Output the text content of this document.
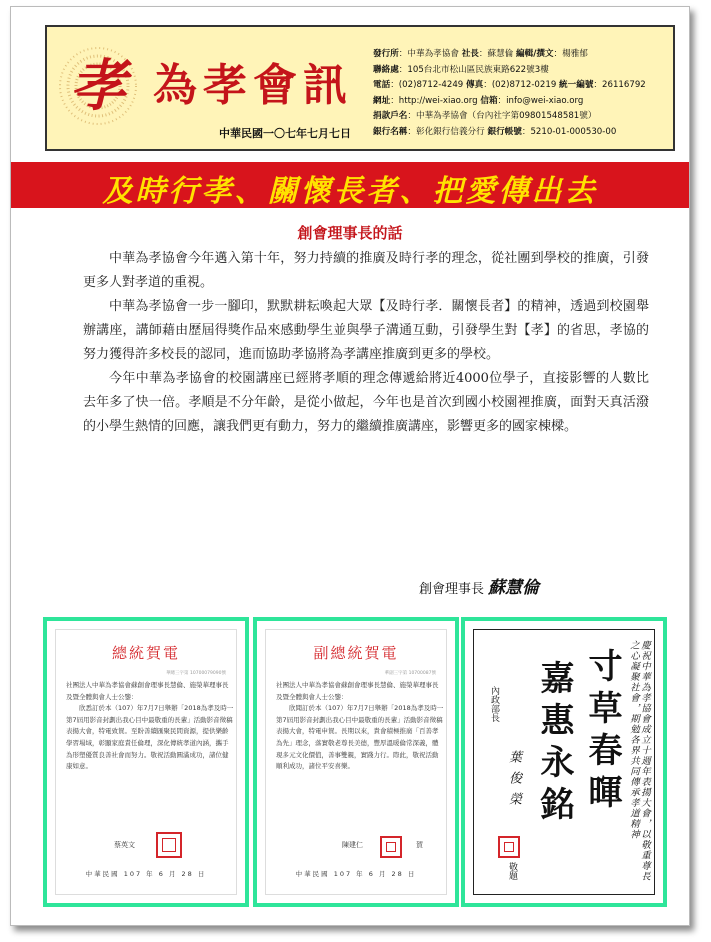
孝 為孝會訊
中華民國一〇七年七月七日
發行所：中華為孝協會 社長：蘇慧倫 編輯/撰文：楊雅郁
聯絡處：105台北市松山區民族東路622號3樓
電話：(02)8712-4249 傳真：(02)8712-0219 統一編號：26116792
網址：http://wei-xiao.org 信箱：info@wei-xiao.org
捐款戶名：中華為孝協會（台內社字第09801548581號）
銀行名稱：彰化銀行信義分行 銀行帳號：5210-01-000530-00
及時行孝、關懷長者、把愛傳出去
創會理事長的話

中華為孝協會今年邁入第十年，努力持續的推廣及時行孝的理念，從社團到學校的推廣，引發更多人對孝道的重視。

中華為孝協會一步一腳印，默默耕耘喚起大眾【及時行孝．關懷長者】的精神，透過到校園舉辦講座，講師藉由歷屆得獎作品來感動學生並與學子溝通互動，引發學生對【孝】的省思，孝協的努力獲得許多校長的認同，進而協助孝協將為孝講座推廣到更多的學校。

今年中華為孝協會的校園講座已經將孝順的理念傳遞給將近4000位學子，直接影響的人數比去年多了快一倍。孝順是不分年齡，是從小做起，今年也是首次到國小校園裡推廣，面對天真活潑的小學生熱情的回應，讓我們更有動力，努力的繼續推廣講座，影響更多的國家棟樑。

創會理事長 蘇慧倫
總統賀電
華總三字第 10700079090號

社團法人中華為孝協會蘇創會理事長慧倫、施榮華理事長及暨全體與會人士公鑒：

欣悉訂於本（107）年7月7日舉辦「2018為孝及時一第7屆用影音封劃出我心目中最敬重的長輩」活動影音徵稿表揚大會，特電致賀。至盼善續匯聚民間資源，提供樂齡學習場域，彰顯家庭責任倫理，深化傳統孝道內涵，攜手為形塑優質良善社會而努力。敬祝活動圓滿成功，諸位健康如意。

蔡英文
中華民國 107 年 6 月 28 日
副總統賀電
華副三字第 10700087號

社團法人中華為孝協會蘇創會理事長慧倫、施榮華理事長及暨全體與會人士公鑒：

欣聞訂於本（107）年7月7日舉辦「2018為孝及時一第7屆用影音封劃出我心目中最敬重的長輩」活動影音徵稿表揚大會，特電申賀。長期以來，貴會積極推廣「百善孝為先」理念，落實敬老尊長美德，豐厚溫暖倫常深義，體現多元文化價值，善事雙親，實踐力行。際此，敬祝活動順利成功，諸位平安喜樂。

陳建仁	賀
中華民國 107 年 6 月 28 日	慶祝中華為孝協會成立十週年表揚大會，以敬重尊長之心凝聚社會，期勉各界共同傳承孝道精神
寸草春暉
嘉惠永銘
內政部長
葉俊榮
敬題
